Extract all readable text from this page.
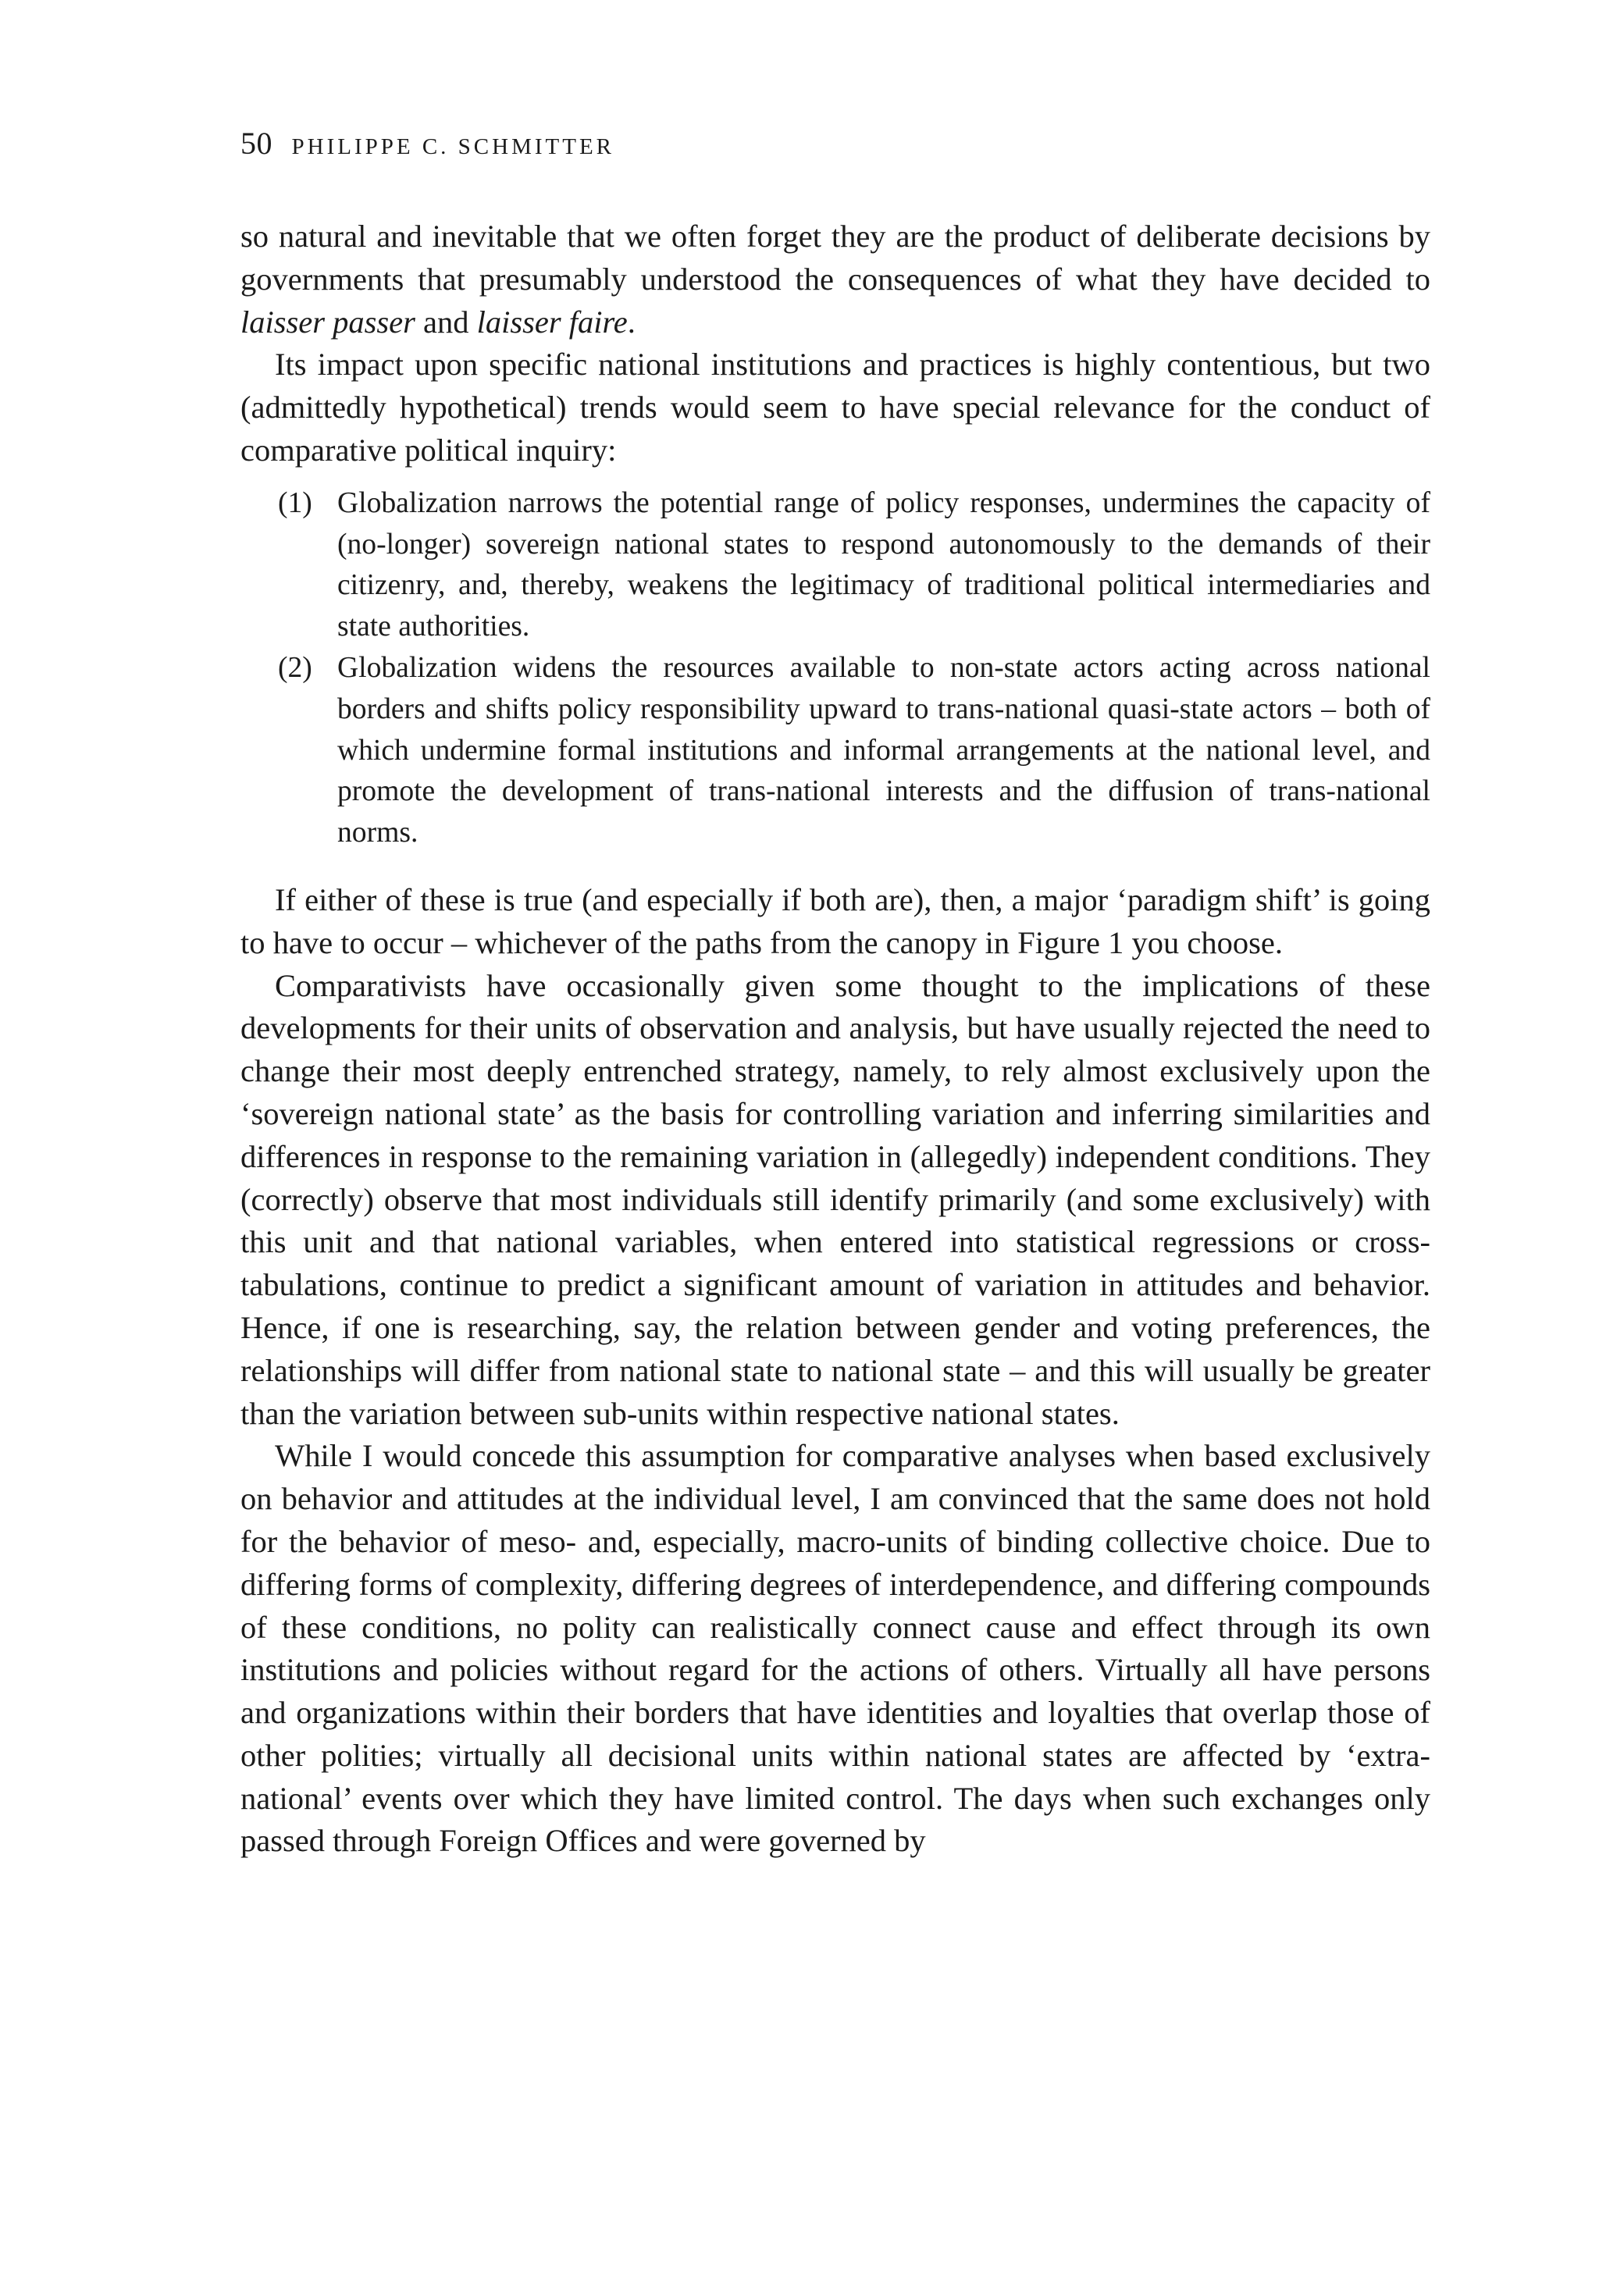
50 PHILIPPE C. SCHMITTER

so natural and inevitable that we often forget they are the product of deliberate decisions by governments that presumably understood the consequences of what they have decided to laisser passer and laisser faire.

Its impact upon specific national institutions and practices is highly contentious, but two (admittedly hypothetical) trends would seem to have special relevance for the conduct of comparative political inquiry:

(1) Globalization narrows the potential range of policy responses, undermines the capacity of (no-longer) sovereign national states to respond autonomously to the demands of their citizenry, and, thereby, weakens the legitimacy of traditional political intermediaries and state authorities.
(2) Globalization widens the resources available to non-state actors acting across national borders and shifts policy responsibility upward to trans-national quasi-state actors – both of which undermine formal institutions and informal arrangements at the national level, and promote the development of trans-national interests and the diffusion of trans-national norms.

If either of these is true (and especially if both are), then, a major ‘paradigm shift’ is going to have to occur – whichever of the paths from the canopy in Figure 1 you choose.

Comparativists have occasionally given some thought to the implications of these developments for their units of observation and analysis, but have usually rejected the need to change their most deeply entrenched strategy, namely, to rely almost exclusively upon the ‘sovereign national state’ as the basis for controlling variation and inferring similarities and differences in response to the remaining variation in (allegedly) independent conditions. They (correctly) observe that most individuals still identify primarily (and some exclusively) with this unit and that national variables, when entered into statistical regressions or cross-tabulations, continue to predict a significant amount of variation in attitudes and behavior. Hence, if one is researching, say, the relation between gender and voting preferences, the relationships will differ from national state to national state – and this will usually be greater than the variation between sub-units within respective national states.

While I would concede this assumption for comparative analyses when based exclusively on behavior and attitudes at the individual level, I am convinced that the same does not hold for the behavior of meso- and, especially, macro-units of binding collective choice. Due to differing forms of complexity, differing degrees of interdependence, and differing compounds of these conditions, no polity can realistically connect cause and effect through its own institutions and policies without regard for the actions of others. Virtually all have persons and organizations within their borders that have identities and loyalties that overlap those of other polities; virtually all decisional units within national states are affected by ‘extra-national’ events over which they have limited control. The days when such exchanges only passed through Foreign Offices and were governed by
